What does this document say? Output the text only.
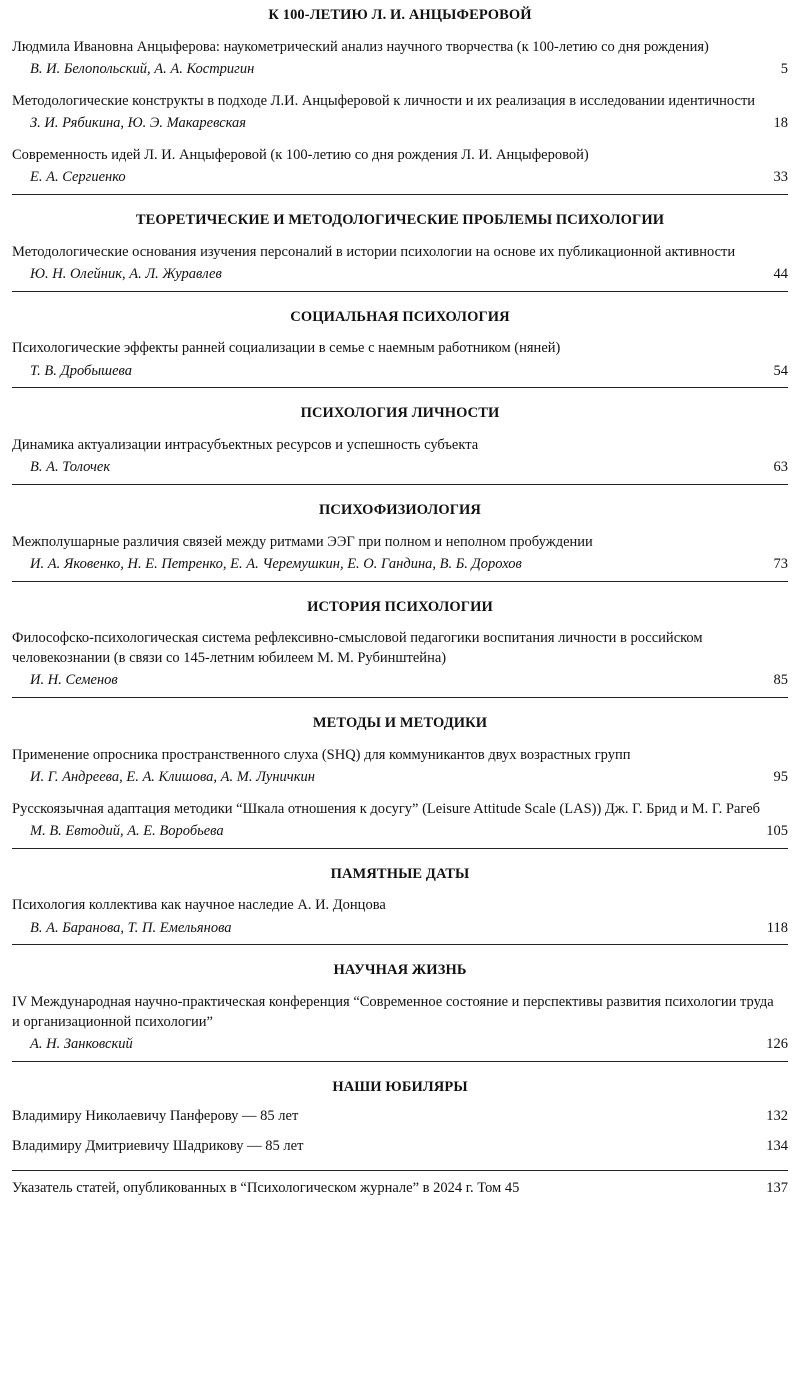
К 100-ЛЕТИЮ Л. И. АНЦЫФЕРОВОЙ

Людмила Ивановна Анцыферова: наукометрический анализ научного творчества (к 100-летию со дня рождения)

В. И. Белопольский, А. А. Костригин	5

Методологические конструкты в подходе Л.И. Анцыферовой к личности и их реализация в исследовании идентичности

З. И. Рябикина, Ю. Э. Макаревская	18

Современность идей Л. И. Анцыферовой (к 100-летию со дня рождения Л. И. Анцыферовой)

Е. А. Сергиенко	33
ТЕОРЕТИЧЕСКИЕ И МЕТОДОЛОГИЧЕСКИЕ ПРОБЛЕМЫ ПСИХОЛОГИИ

Методологические основания изучения персоналий в истории психологии на основе их публикационной активности

Ю. Н. Олейник, А. Л. Журавлев	44
СОЦИАЛЬНАЯ ПСИХОЛОГИЯ

Психологические эффекты ранней социализации в семье с наемным работником (няней)

Т. В. Дробышева	54
ПСИХОЛОГИЯ ЛИЧНОСТИ

Динамика актуализации интрасубъектных ресурсов и успешность субъекта

В. А. Толочек	63
ПСИХОФИЗИОЛОГИЯ

Межполушарные различия связей между ритмами ЭЭГ при полном и неполном пробуждении

И. А. Яковенко, Н. Е. Петренко, Е. А. Черемушкин, Е. О. Гандина, В. Б. Дорохов	73
ИСТОРИЯ ПСИХОЛОГИИ

Философско-психологическая система рефлексивно-смысловой педагогики воспитания личности в российском человекознании (в связи со 145-летним юбилеем М. М. Рубинштейна)

И. Н. Семенов	85
МЕТОДЫ И МЕТОДИКИ

Применение опросника пространственного слуха (SHQ) для коммуникантов двух возрастных групп

И. Г. Андреева, Е. А. Клишова, А. М. Луничкин	95

Русскоязычная адаптация методики “Шкала отношения к досугу” (Leisure Attitude Scale (LAS)) Дж. Г. Брид и М. Г. Рагеб

М. В. Евтодий, А. Е. Воробьева	105
ПАМЯТНЫЕ ДАТЫ

Психология коллектива как научное наследие А. И. Донцова

В. А. Баранова, Т. П. Емельянова	118
НАУЧНАЯ ЖИЗНЬ

IV Международная научно-практическая конференция “Современное состояние и перспективы развития психологии труда и организационной психологии”

А. Н. Занковский	126
НАШИ ЮБИЛЯРЫ
Владимиру Николаевичу Панферову — 85 лет	132
Владимиру Дмитриевичу Шадрикову — 85 лет	134
Указатель статей, опубликованных в “Психологическом журнале” в 2024 г. Том 45	137
